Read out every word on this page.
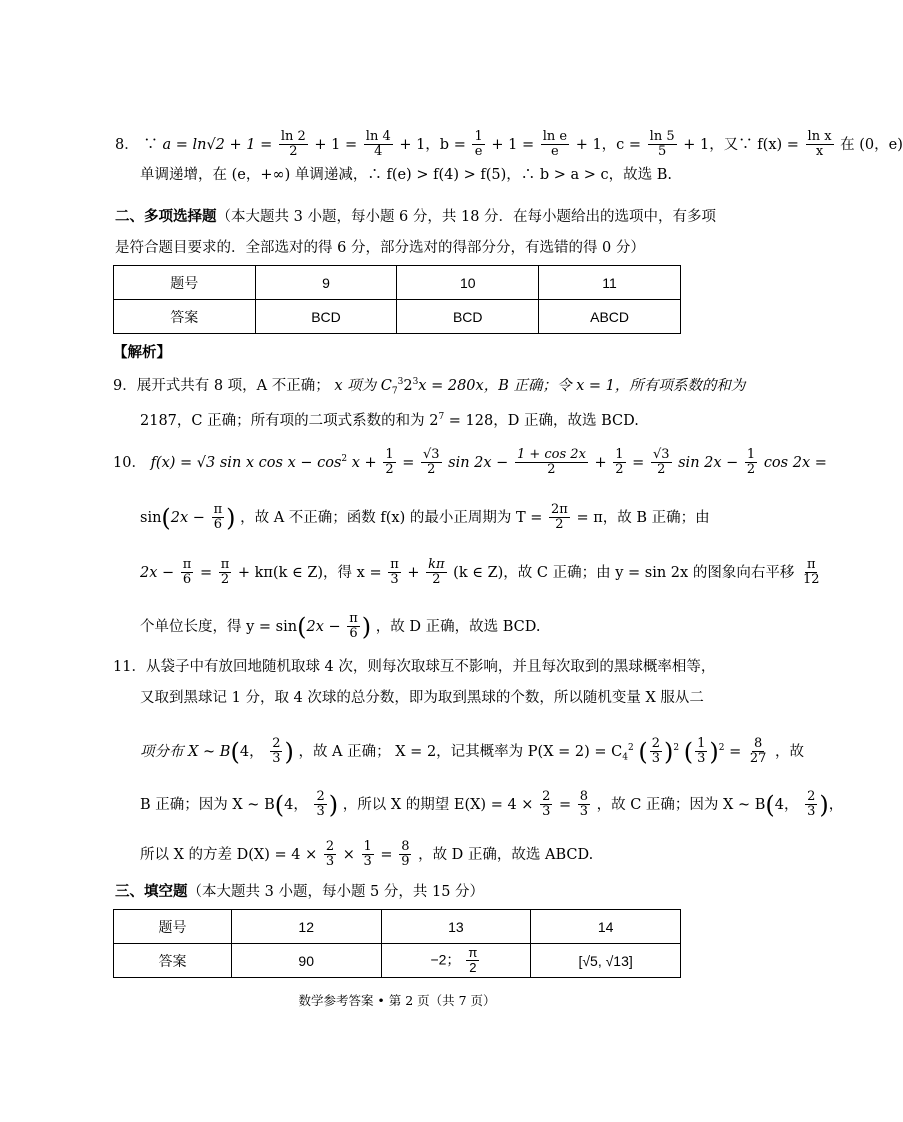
8． ∵ $a = \ln√2 + 1 = \frac{\ln 2}{2} + 1 = \frac{\ln 4}{4} + 1$，$b = \frac{1}{e} + 1 = \frac{\text{ln e}}{e} + 1$，$c = \frac{\ln 5}{5} + 1$，又∵ $f(x) = \frac{\text{ln x}}{x}$ 在 (0，e)
单调递增，在 (e，+∞) 单调递减，∴ f(e) > f(4) > f(5)，∴ b > a > c，故选 B.
二、多项选择题（本大题共 3 小题，每小题 6 分，共 18 分．在每小题给出的选项中，有多项
是符合题目要求的．全部选对的得 6 分，部分选对的得部分分，有选错的得 0 分）
题号	9	10	11
答案	BCD	BCD	ABCD
【解析】
9．展开式共有 8 项，A 不正确； x 项为 $C_7^32^3x = 280x$，B 正确；令 x = 1，所有项系数的和为
2187，C 正确；所有项的二项式系数的和为 $2^7 = 128$，D 正确，故选 BCD.
10． f(x) = √3 sin x $\cos x - \cos^2 x + \frac{1}{2} = \frac{√3}{2}$ $\sin 2x - \frac{1 + \cos 2x}{2} + \frac{1}{2} = \frac{√3}{2}$ $\sin 2x - \frac{1}{2}$ cos 2x =
$\sin(2x - \frac{\pi}{6}$ ) ，故 A 不正确；函数 f(x) 的最小正周期为 $T = \frac{2\pi}{2} = \pi$，故 B 正确；由
$2x - \frac{\pi}{6} = \frac{\pi}{2} + k\pi(k$ ∈ Z)，得 $x = \frac{\pi}{3} + \frac{k\pi}{2} (k$ ∈ Z)，故 C 正确；由 y = sin 2x 的图象向右平移 $\frac{\pi}{12}$
个单位长度，得 $y = \sin(2x - \frac{\pi}{6}$ ) ，故 D 正确，故选 BCD.
11．从袋子中有放回地随机取球 4 次，则每次取球互不影响，并且每次取到的黑球概率相等，
又取到黑球记 1 分，取 4 次球的总分数，即为取到黑球的个数，所以随机变量 X 服从二
项分布 X ~ B(4， $\frac{2}{3}$ ) ，故 A 正确； X = 2，记其概率为 $P(X = 2) = C_4^2$ ( $\frac{2}{3} )^2$ ( $\frac{1}{3} )^2 = \frac{8}{27}$ ，故
B 正确；因为 X ~ B(4， $\frac{2}{3}$ ) ，所以 X 的期望 $E(X) = 4 \times \frac{2}{3} = \frac{8}{3}$ ，故 C 正确；因为 X ~ B(4， $\frac{2}{3}$ )，
所以 X 的方差 $D(X) = 4 \times \frac{2}{3} \times \frac{1}{3} = \frac{8}{9}$ ，故 D 正确，故选 ABCD.
三、填空题（本大题共 3 小题，每小题 5 分，共 15 分）
题号	12	13	14
答案	90	−2； $\frac{\pi}{2}$	[√5, √13]
数学参考答案 • 第 2 页（共 7 页）
